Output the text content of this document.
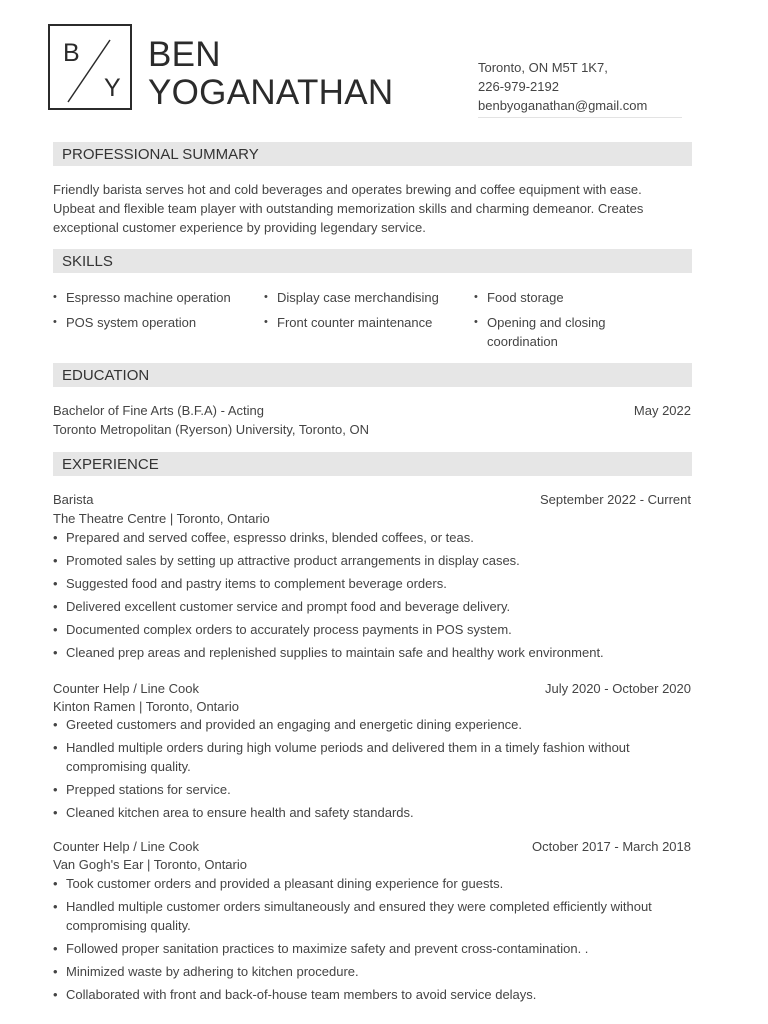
B
Y
BEN
YOGANATHAN
Toronto, ON M5T 1K7,
226-979-2192
benbyoganathan@gmail.com
PROFESSIONAL SUMMARY
Friendly barista serves hot and cold beverages and operates brewing and coffee equipment with ease.
Upbeat and flexible team player with outstanding memorization skills and charming demeanor. Creates
exceptional customer experience by providing legendary service.
SKILLS
• Espresso machine operation	• Display case merchandising	• Food storage
• POS system operation	• Front counter maintenance	• Opening and closing coordination
EDUCATION
Bachelor of Fine Arts (B.F.A) - Acting	May 2022
Toronto Metropolitan (Ryerson) University, Toronto, ON
EXPERIENCE
Barista	September 2022 - Current
The Theatre Centre | Toronto, Ontario
• Prepared and served coffee, espresso drinks, blended coffees, or teas.
• Promoted sales by setting up attractive product arrangements in display cases.
• Suggested food and pastry items to complement beverage orders.
• Delivered excellent customer service and prompt food and beverage delivery.
• Documented complex orders to accurately process payments in POS system.
• Cleaned prep areas and replenished supplies to maintain safe and healthy work environment.
Counter Help / Line Cook	July 2020 - October 2020
Kinton Ramen | Toronto, Ontario
• Greeted customers and provided an engaging and energetic dining experience.
• Handled multiple orders during high volume periods and delivered them in a timely fashion without compromising quality.
• Prepped stations for service.
• Cleaned kitchen area to ensure health and safety standards.
Counter Help / Line Cook	October 2017 - March 2018
Van Gogh's Ear | Toronto, Ontario
• Took customer orders and provided a pleasant dining experience for guests.
• Handled multiple customer orders simultaneously and ensured they were completed efficiently without compromising quality.
• Followed proper sanitation practices to maximize safety and prevent cross-contamination. .
• Minimized waste by adhering to kitchen procedure.
• Collaborated with front and back-of-house team members to avoid service delays.
